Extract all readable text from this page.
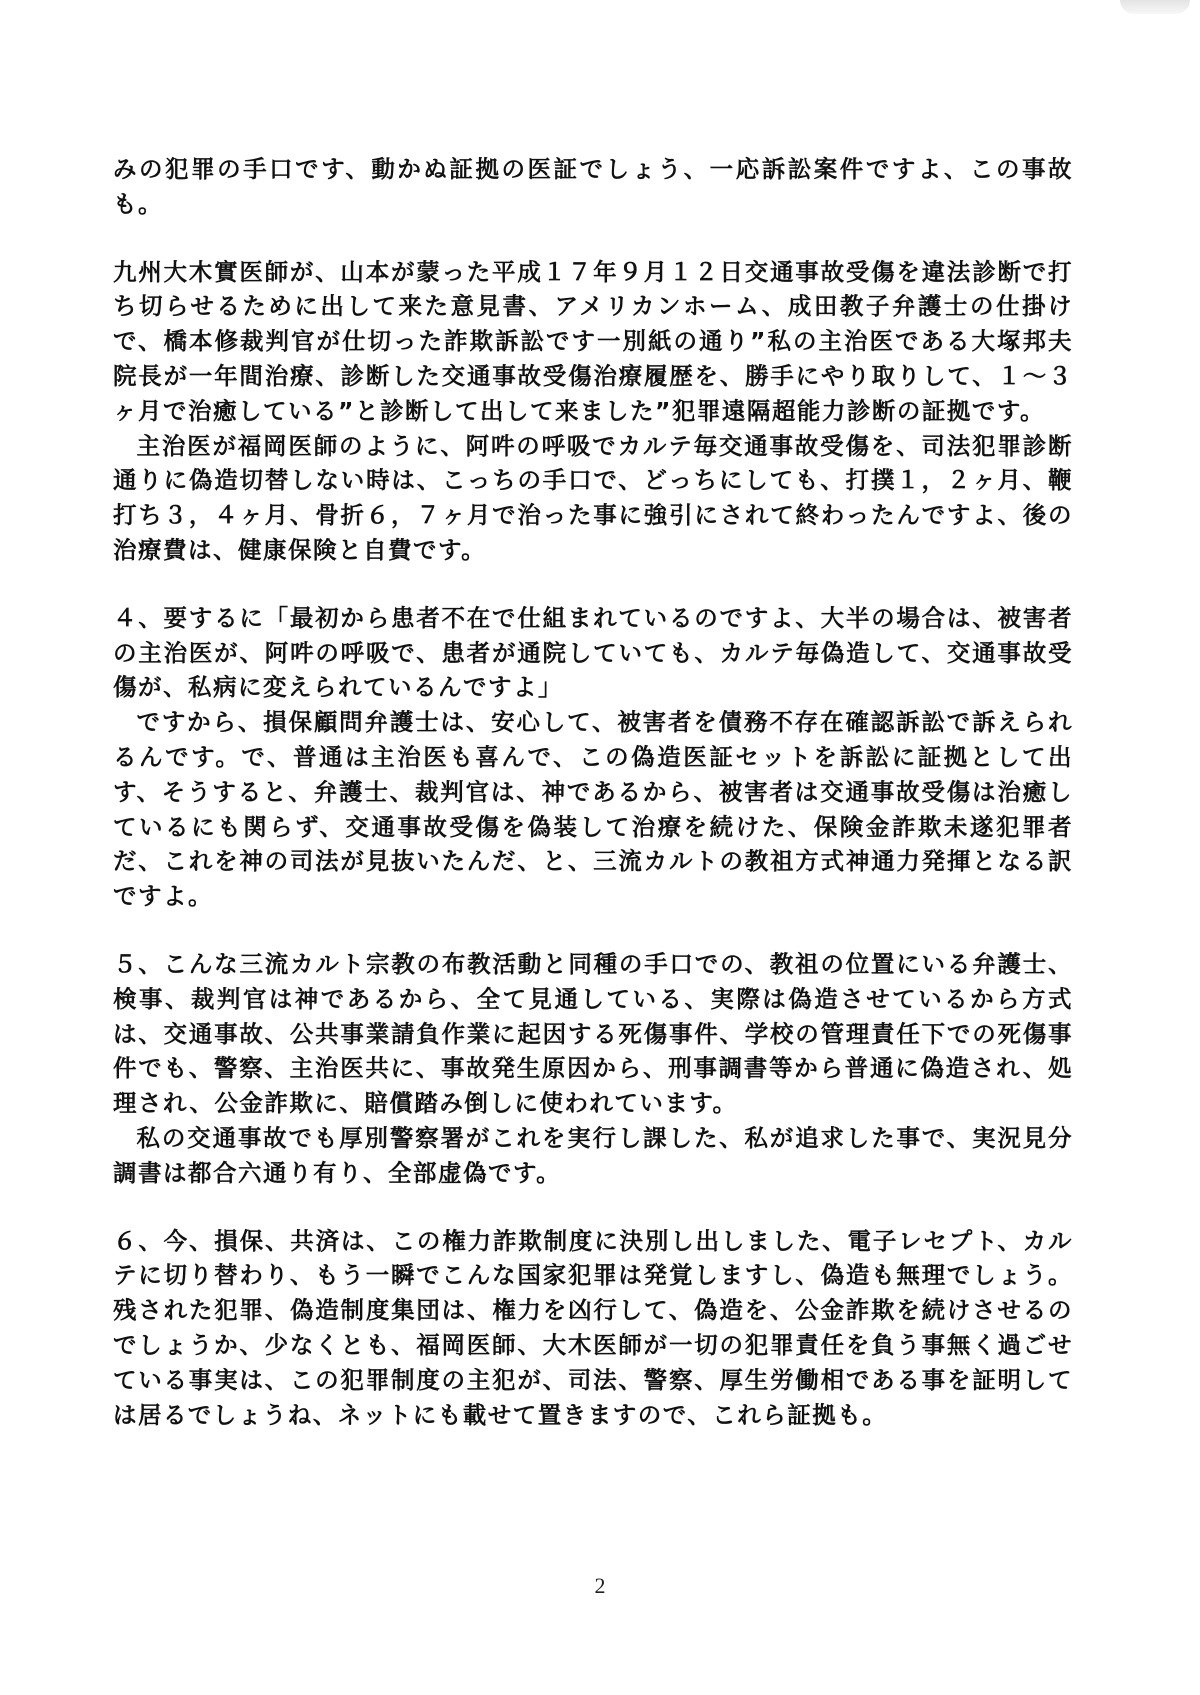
みの犯罪の手口です、動かぬ証拠の医証でしょう、一応訴訟案件ですよ、この事故も。

九州大木實医師が、山本が蒙った平成１７年９月１２日交通事故受傷を違法診断で打ち切らせるために出して来た意見書、アメリカンホーム、成田教子弁護士の仕掛けで、橋本修裁判官が仕切った詐欺訴訟です一別紙の通り”私の主治医である大塚邦夫院長が一年間治療、診断した交通事故受傷治療履歴を、勝手にやり取りして、１～３ヶ月で治癒している”と診断して出して来ました”犯罪遠隔超能力診断の証拠です。

主治医が福岡医師のように、阿吽の呼吸でカルテ毎交通事故受傷を、司法犯罪診断通りに偽造切替しない時は、こっちの手口で、どっちにしても、打撲１，２ヶ月、鞭打ち３，４ヶ月、骨折６，７ヶ月で治った事に強引にされて終わったんですよ、後の治療費は、健康保険と自費です。

４、要するに「最初から患者不在で仕組まれているのですよ、大半の場合は、被害者の主治医が、阿吽の呼吸で、患者が通院していても、カルテ毎偽造して、交通事故受傷が、私病に変えられているんですよ」

ですから、損保顧問弁護士は、安心して、被害者を債務不存在確認訴訟で訴えられるんです。で、普通は主治医も喜んで、この偽造医証セットを訴訟に証拠として出す、そうすると、弁護士、裁判官は、神であるから、被害者は交通事故受傷は治癒しているにも関らず、交通事故受傷を偽装して治療を続けた、保険金詐欺未遂犯罪者だ、これを神の司法が見抜いたんだ、と、三流カルトの教祖方式神通力発揮となる訳ですよ。

５、こんな三流カルト宗教の布教活動と同種の手口での、教祖の位置にいる弁護士、検事、裁判官は神であるから、全て見通している、実際は偽造させているから方式は、交通事故、公共事業請負作業に起因する死傷事件、学校の管理責任下での死傷事件でも、警察、主治医共に、事故発生原因から、刑事調書等から普通に偽造され、処理され、公金詐欺に、賠償踏み倒しに使われています。

私の交通事故でも厚別警察署がこれを実行し課した、私が追求した事で、実況見分調書は都合六通り有り、全部虚偽です。

６、今、損保、共済は、この権力詐欺制度に決別し出しました、電子レセプト、カルテに切り替わり、もう一瞬でこんな国家犯罪は発覚しますし、偽造も無理でしょう。残された犯罪、偽造制度集団は、権力を凶行して、偽造を、公金詐欺を続けさせるのでしょうか、少なくとも、福岡医師、大木医師が一切の犯罪責任を負う事無く過ごせている事実は、この犯罪制度の主犯が、司法、警察、厚生労働相である事を証明しては居るでしょうね、ネットにも載せて置きますので、これら証拠も。

2
